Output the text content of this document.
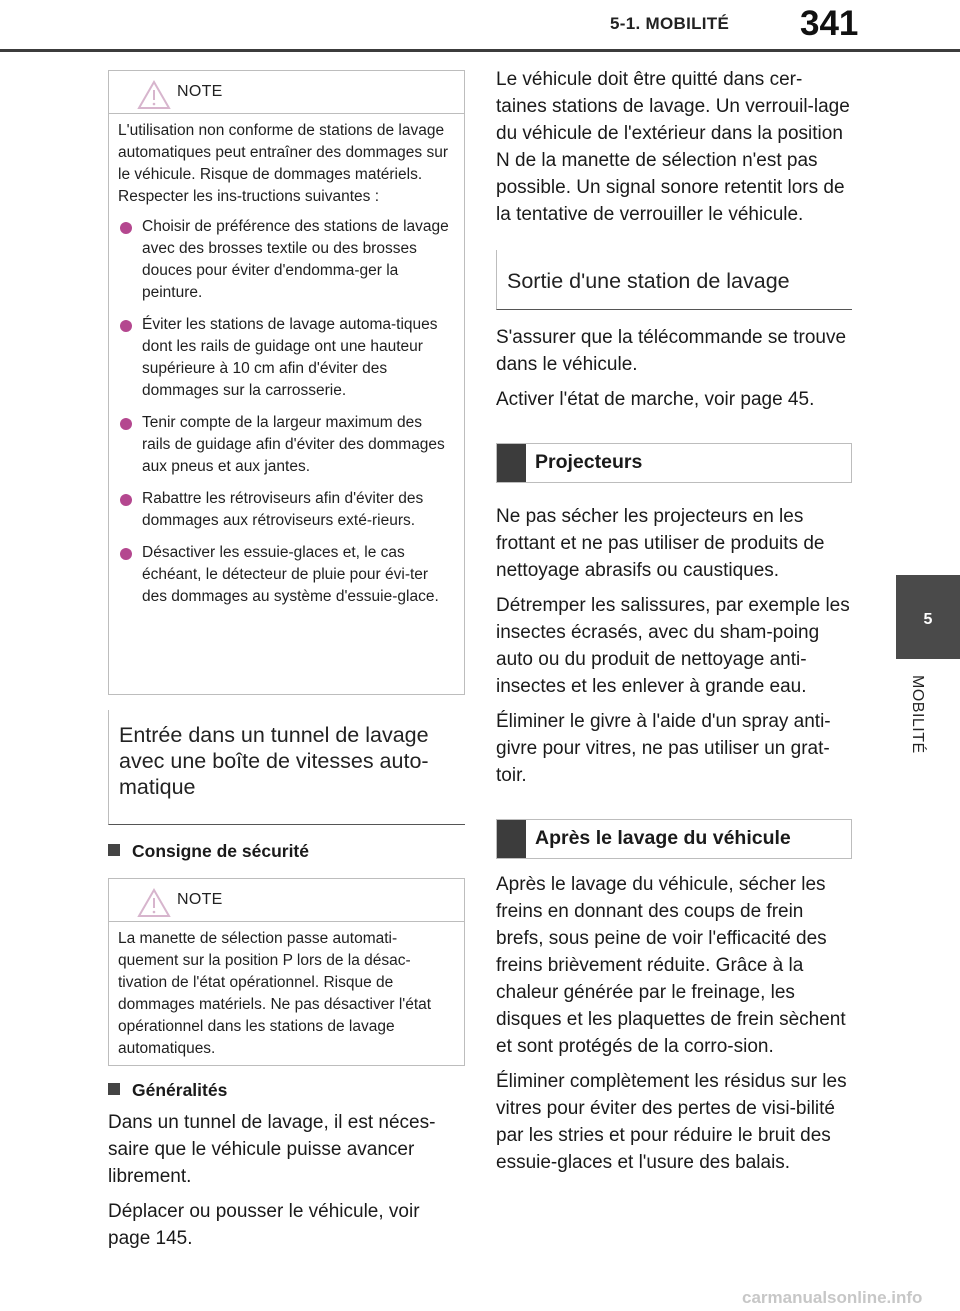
5-1. MOBILITÉ 341
5
MOBILITÉ
NOTE

L'utilisation non conforme de stations de lavage automatiques peut entraîner des dommages sur le véhicule. Risque de dommages matériels. Respecter les ins-tructions suivantes :

Choisir de préférence des stations de lavage avec des brosses textile ou des brosses douces pour éviter d'endomma-ger la peinture.
Éviter les stations de lavage automa-tiques dont les rails de guidage ont une hauteur supérieure à 10 cm afin d'éviter des dommages sur la carrosserie.
Tenir compte de la largeur maximum des rails de guidage afin d'éviter des dommages aux pneus et aux jantes.
Rabattre les rétroviseurs afin d'éviter des dommages aux rétroviseurs exté-rieurs.
Désactiver les essuie-glaces et, le cas échéant, le détecteur de pluie pour évi-ter des dommages au système d'essuie-glace.
Entrée dans un tunnel de lavage avec une boîte de vitesses auto-matique
Consigne de sécurité
NOTE

La manette de sélection passe automati-quement sur la position P lors de la désac-tivation de l'état opérationnel. Risque de dommages matériels. Ne pas désactiver l'état opérationnel dans les stations de lavage automatiques.

Généralités

Dans un tunnel de lavage, il est néces-saire que le véhicule puisse avancer librement.

Déplacer ou pousser le véhicule, voir page 145.

Le véhicule doit être quitté dans cer-taines stations de lavage. Un verrouil-lage du véhicule de l'extérieur dans la position N de la manette de sélection n'est pas possible. Un signal sonore retentit lors de la tentative de verrouiller le véhicule.

Sortie d'une station de lavage

S'assurer que la télécommande se trouve dans le véhicule.

Activer l'état de marche, voir page 45.

Projecteurs

Ne pas sécher les projecteurs en les frottant et ne pas utiliser de produits de nettoyage abrasifs ou caustiques.

Détremper les salissures, par exemple les insectes écrasés, avec du sham-poing auto ou du produit de nettoyage anti-insectes et les enlever à grande eau.

Éliminer le givre à l'aide d'un spray anti-givre pour vitres, ne pas utiliser un grat-toir.

Après le lavage du véhicule

Après le lavage du véhicule, sécher les freins en donnant des coups de frein brefs, sous peine de voir l'efficacité des freins brièvement réduite. Grâce à la chaleur générée par le freinage, les disques et les plaquettes de frein sèchent et sont protégés de la corro-sion.

Éliminer complètement les résidus sur les vitres pour éviter des pertes de visi-bilité par les stries et pour réduire le bruit des essuie-glaces et l'usure des balais.

carmanualsonline.info
